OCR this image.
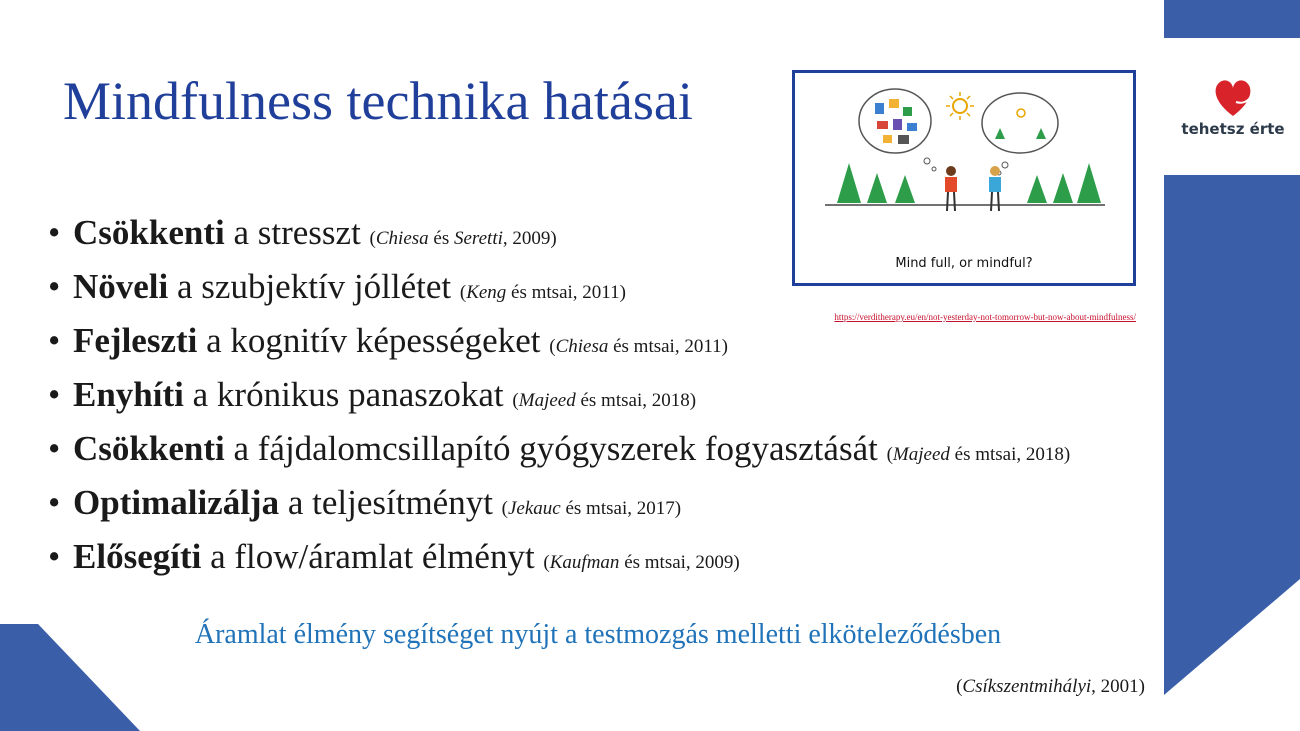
Mindfulness technika hatásai
• Csökkenti a stresszt (Chiesa és Seretti, 2009)
• Növeli a szubjektív jóllétet (Keng és mtsai, 2011)
• Fejleszti a kognitív képességeket (Chiesa és mtsai, 2011)
• Enyhíti a krónikus panaszokat (Majeed és mtsai, 2018)
• Csökkenti a fájdalomcsillapító gyógyszerek fogyasztását (Majeed és mtsai, 2018)
• Optimalizálja a teljesítményt (Jekauc és mtsai, 2017)
• Elősegíti a flow/áramlat élményt (Kaufman és mtsai, 2009)
Áramlat élmény segítséget nyújt a testmozgás melletti elköteleződésben
(Csíkszentmihályi, 2001)
Mind full, or mindful?
https://verditherapy.eu/en/not-yesterday-not-tomorrow-but-now-about-mindfulness/
tehetsz érte
